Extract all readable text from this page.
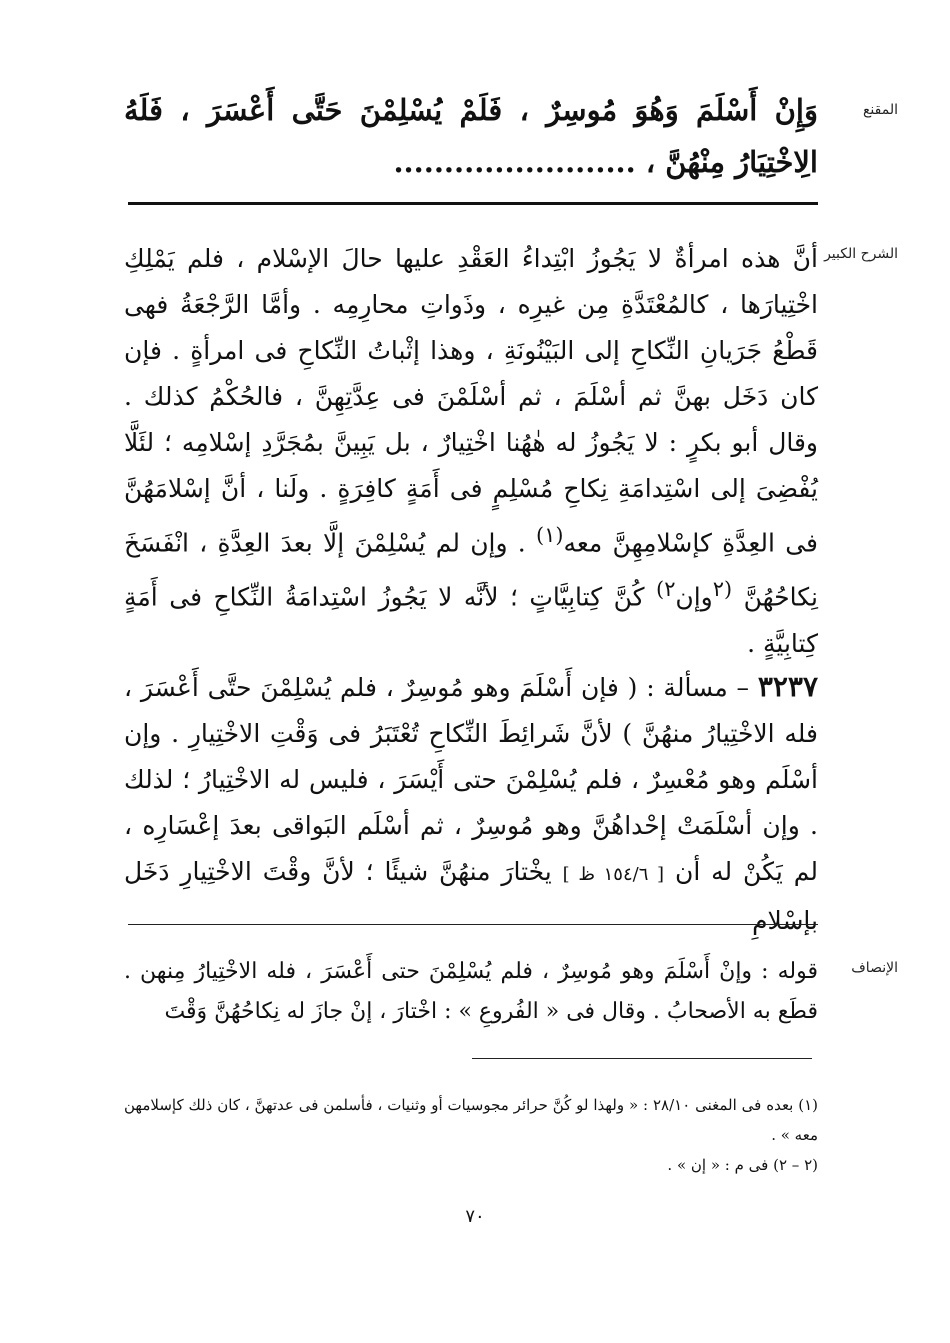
المقنع

وَإِنْ أَسْلَمَ وَهُوَ مُوسِرٌ ، فَلَمْ يُسْلِمْنَ حَتَّى أَعْسَرَ ، فَلَهُ الِاخْتِيَارُ مِنْهُنَّ ، ........................

الشرح الكبير

أنَّ هذه امرأةٌ لا يَجُوزُ ابْتِداءُ العَقْدِ عليها حالَ الإسْلام ، فلم يَمْلِكِ اخْتِيارَها ، كالمُعْتَدَّةِ مِن غيرِه ، وذَواتِ محارِمِه . وأمَّا الرَّجْعَةُ فهى قَطْعُ جَرَيانِ النِّكاحِ إلى البَيْنُونَةِ ، وهذا إثْباتُ النِّكاحِ فى امرأةٍ . فإن كان دَخَل بهنَّ ثم أسْلَمَ ، ثم أسْلَمْنَ فى عِدَّتِهِنَّ ، فالحُكْمُ كذلك . وقال أبو بكرٍ : لا يَجُوزُ له هٰهُنا اخْتِيارٌ ، بل يَبِينَّ بمُجَرَّدِ إسْلامِه ؛ لئَلَّا يُفْضِىَ إلى اسْتِدامَةِ نِكاحِ مُسْلِمٍ فى أَمَةٍ كافِرَةٍ . ولَنا ، أنَّ إسْلامَهُنَّ فى العِدَّةِ كإسْلامِهِنَّ معه$^{(١)}$ . وإن لم يُسْلِمْنَ إلَّا بعدَ العِدَّةِ ، انْفَسَخَ نِكاحُهُنَّ $^{(٢}$وإن$^{٢)}$ كُنَّ كِتابِيَّاتٍ ؛ لأنَّه لا يَجُوزُ اسْتِدامَةُ النِّكاحِ فى أَمَةٍ كِتابِيَّةٍ .

٣٢٣٧ – مسألة : ( فإن أَسْلَمَ وهو مُوسِرٌ ، فلم يُسْلِمْنَ حتَّى أَعْسَرَ ، فله الاخْتِيارُ منهُنَّ ) لأنَّ شَرائِطَ النِّكاحِ تُعْتَبَرُ فى وَقْتِ الاخْتِيارِ . وإن أسْلَم وهو مُعْسِرٌ ، فلم يُسْلِمْنَ حتى أَيْسَرَ ، فليس له الاخْتِيارُ ؛ لذلك . وإن أسْلَمَتْ إحْداهُنَّ وهو مُوسِرٌ ، ثم أسْلَم البَواقى بعدَ إعْسَارِه ، لم يَكُنْ له أن [ ١٥٤/٦ ظ ] يخْتارَ منهُنَّ شيئًا ؛ لأنَّ وقْتَ الاخْتِيارِ دَخَل بإسْلامِ

الإنصاف

قوله : وإنْ أَسْلَمَ وهو مُوسِرٌ ، فلم يُسْلِمْنَ حتى أَعْسَرَ ، فله الاخْتِيارُ مِنهن . قطَع به الأصحابُ . وقال فى « الفُروعِ » : اخْتارَ ، إنْ جازَ له نِكاحُهُنَّ وَقْتَ

(١) بعده فى المغنى ٢٨/١٠ : « ولهذا لو كُنَّ حرائر مجوسيات أو وثنيات ، فأسلمن فى عدتهنَّ ، كان ذلك كإسلامهن معه » .

(٢ – ٢) فى م : « إن » .

٧٠
